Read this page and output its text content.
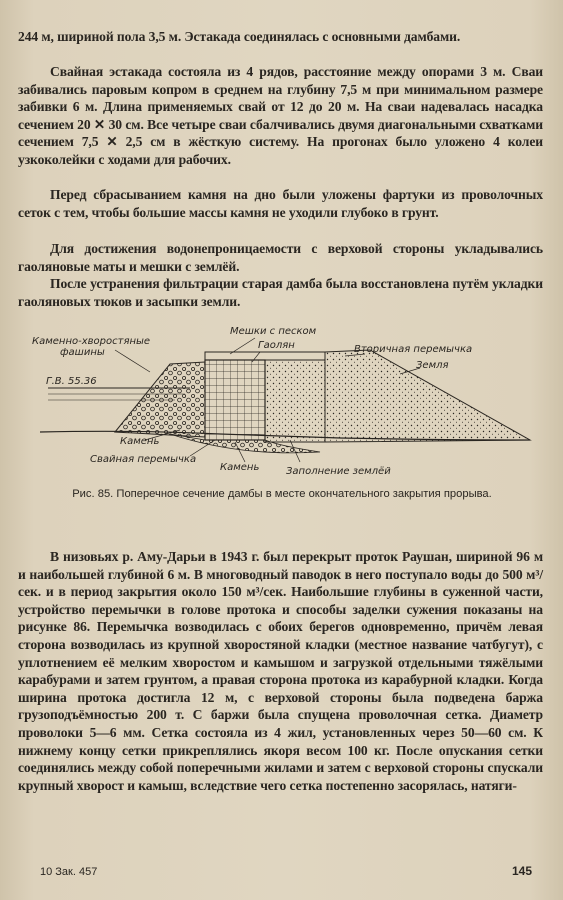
244 м, шириной пола 3,5 м. Эстакада соединялась с основными дамбами.

Свайная эстакада состояла из 4 рядов, расстояние между опорами 3 м. Сваи забивались паровым копром в среднем на глубину 7,5 м при минимальном размере забивки 6 м. Длина применяемых свай от 12 до 20 м. На сваи надевалась насадка сечением 20 ✕ 30 см. Все четыре сваи сбалчивались двумя диагональными схватками сечением 7,5 ✕ 2,5 см в жёсткую систему. На прогонах было уложено 4 колеи узкоколейки с ходами для рабочих.

Перед сбрасыванием камня на дно были уложены фартуки из проволочных сеток с тем, чтобы большие массы камня не уходили глубоко в грунт.

Для достижения водонепроницаемости с верховой стороны укладывались гаоляновые маты и мешки с землёй.

После устранения фильтрации старая дамба была восстановлена путём укладки гаоляновых тюков и засыпки земли.

Каменно-хворостяные
фашины
Мешки с песком
Гаолян	Вторичная перемычка
Земля
Г.В. 55.36
Камень
Свайная перемычка
Камень	Заполнение землёй

Рис. 85. Поперечное сечение дамбы в месте окончательного закрытия прорыва.

В низовьях р. Аму-Дарьи в 1943 г. был перекрыт проток Раушан, шириной 96 м и наибольшей глубиной 6 м. В многоводный паводок в него поступало воды до 500 м³/сек. и в период закрытия около 150 м³/сек. Наибольшие глубины в суженной части, устройство перемычки в голове протока и способы заделки сужения показаны на рисунке 86. Перемычка возводилась с обоих берегов одновременно, причём левая сторона возводилась из крупной хворостяной кладки (местное название чатбугут), с уплотнением её мелким хворостом и камышом и загрузкой отдельными тяжёлыми карабурами и затем грунтом, а правая сторона протока из карабурной кладки. Когда ширина протока достигла 12 м, с верховой стороны была подведена баржа грузоподъёмностью 200 т. С баржи была спущена проволочная сетка. Диаметр проволоки 5—6 мм. Сетка состояла из 4 жил, установленных через 50—60 см. К нижнему концу сетки прикреплялись якоря весом 100 кг. После опускания сетки соединялись между собой поперечными жилами и затем с верховой стороны спускали крупный хворост и камыш, вследствие чего сетка постепенно засорялась, натяги-

10 Зак. 457	145
